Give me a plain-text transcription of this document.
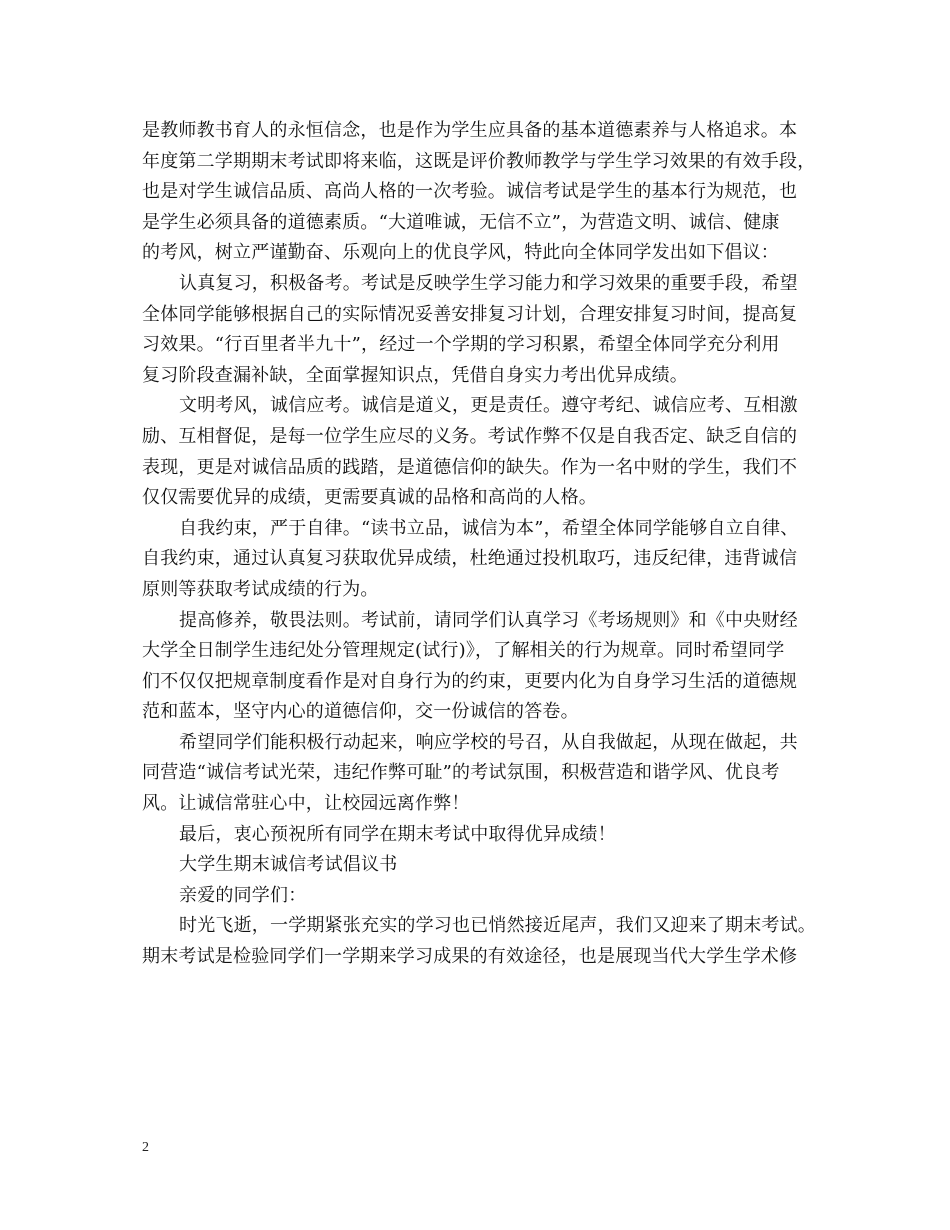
是教师教书育人的永恒信念，也是作为学生应具备的基本道德素养与人格追求。本
年度第二学期期末考试即将来临，这既是评价教师教学与学生学习效果的有效手段，
也是对学生诚信品质、高尚人格的一次考验。诚信考试是学生的基本行为规范，也
是学生必须具备的道德素质。“大道唯诚，无信不立”，为营造文明、诚信、健康
的考风，树立严谨勤奋、乐观向上的优良学风，特此向全体同学发出如下倡议：
认真复习，积极备考。考试是反映学生学习能力和学习效果的重要手段，希望
全体同学能够根据自己的实际情况妥善安排复习计划，合理安排复习时间，提高复
习效果。“行百里者半九十”，经过一个学期的学习积累，希望全体同学充分利用
复习阶段查漏补缺，全面掌握知识点，凭借自身实力考出优异成绩。
文明考风，诚信应考。诚信是道义，更是责任。遵守考纪、诚信应考、互相激
励、互相督促，是每一位学生应尽的义务。考试作弊不仅是自我否定、缺乏自信的
表现，更是对诚信品质的践踏，是道德信仰的缺失。作为一名中财的学生，我们不
仅仅需要优异的成绩，更需要真诚的品格和高尚的人格。
自我约束，严于自律。“读书立品，诚信为本”，希望全体同学能够自立自律、
自我约束，通过认真复习获取优异成绩，杜绝通过投机取巧，违反纪律，违背诚信
原则等获取考试成绩的行为。
提高修养，敬畏法则。考试前，请同学们认真学习《考场规则》和《中央财经
大学全日制学生违纪处分管理规定(试行)》，了解相关的行为规章。同时希望同学
们不仅仅把规章制度看作是对自身行为的约束，更要内化为自身学习生活的道德规
范和蓝本，坚守内心的道德信仰，交一份诚信的答卷。
希望同学们能积极行动起来，响应学校的号召，从自我做起，从现在做起，共
同营造“诚信考试光荣，违纪作弊可耻”的考试氛围，积极营造和谐学风、优良考
风。让诚信常驻心中，让校园远离作弊！
最后，衷心预祝所有同学在期末考试中取得优异成绩！
大学生期末诚信考试倡议书
亲爱的同学们：
时光飞逝，一学期紧张充实的学习也已悄然接近尾声，我们又迎来了期末考试。
期末考试是检验同学们一学期来学习成果的有效途径，也是展现当代大学生学术修
2
